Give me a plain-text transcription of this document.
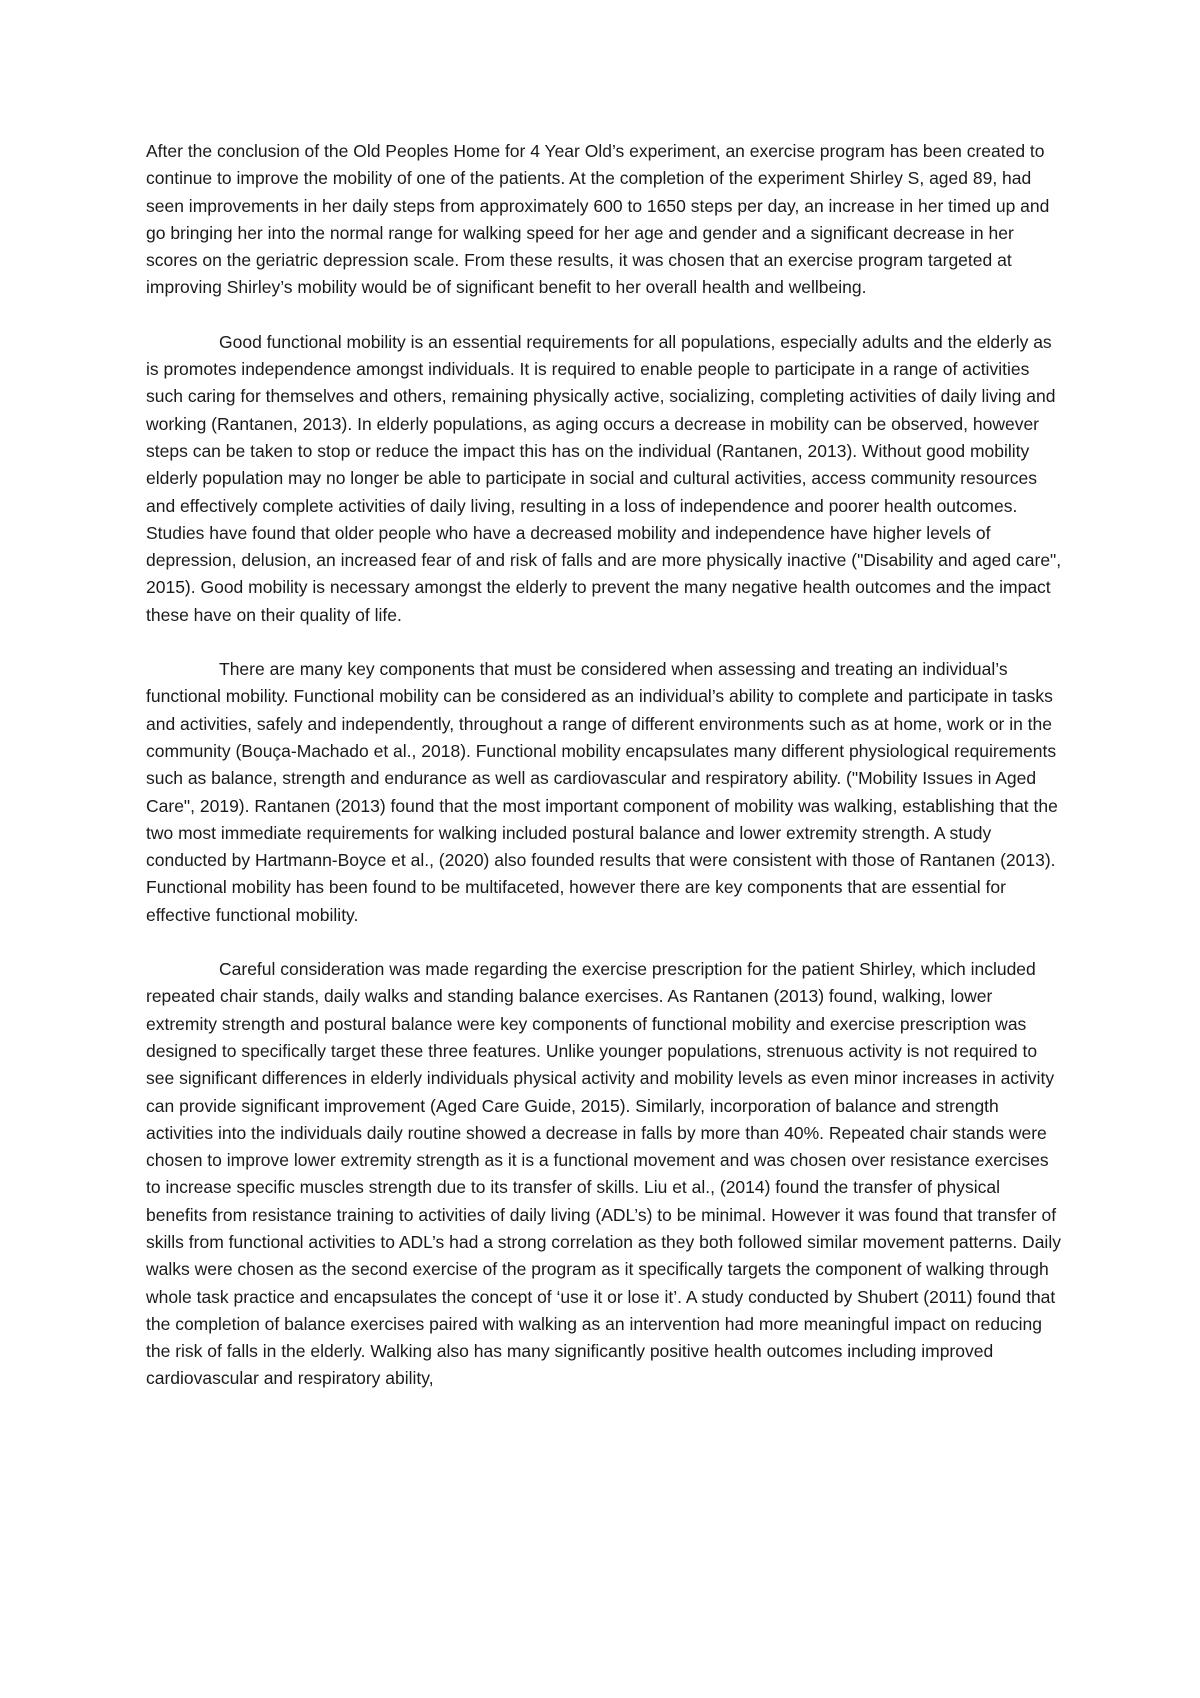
After the conclusion of the Old Peoples Home for 4 Year Old’s experiment, an exercise program has been created to continue to improve the mobility of one of the patients. At the completion of the experiment Shirley S, aged 89, had seen improvements in her daily steps from approximately 600 to 1650 steps per day, an increase in her timed up and go bringing her into the normal range for walking speed for her age and gender and a significant decrease in her scores on the geriatric depression scale. From these results, it was chosen that an exercise program targeted at improving Shirley’s mobility would be of significant benefit to her overall health and wellbeing.

Good functional mobility is an essential requirements for all populations, especially adults and the elderly as is promotes independence amongst individuals. It is required to enable people to participate in a range of activities such caring for themselves and others, remaining physically active, socializing, completing activities of daily living and working (Rantanen, 2013). In elderly populations, as aging occurs a decrease in mobility can be observed, however steps can be taken to stop or reduce the impact this has on the individual (Rantanen, 2013). Without good mobility elderly population may no longer be able to participate in social and cultural activities, access community resources and effectively complete activities of daily living, resulting in a loss of independence and poorer health outcomes. Studies have found that older people who have a decreased mobility and independence have higher levels of depression, delusion, an increased fear of and risk of falls and are more physically inactive ("Disability and aged care", 2015). Good mobility is necessary amongst the elderly to prevent the many negative health outcomes and the impact these have on their quality of life.

There are many key components that must be considered when assessing and treating an individual’s functional mobility. Functional mobility can be considered as an individual’s ability to complete and participate in tasks and activities, safely and independently, throughout a range of different environments such as at home, work or in the community (Bouça-Machado et al., 2018). Functional mobility encapsulates many different physiological requirements such as balance, strength and endurance as well as cardiovascular and respiratory ability. ("Mobility Issues in Aged Care", 2019). Rantanen (2013) found that the most important component of mobility was walking, establishing that the two most immediate requirements for walking included postural balance and lower extremity strength. A study conducted by Hartmann-Boyce et al., (2020) also founded results that were consistent with those of Rantanen (2013). Functional mobility has been found to be multifaceted, however there are key components that are essential for effective functional mobility.

Careful consideration was made regarding the exercise prescription for the patient Shirley, which included repeated chair stands, daily walks and standing balance exercises. As Rantanen (2013) found, walking, lower extremity strength and postural balance were key components of functional mobility and exercise prescription was designed to specifically target these three features. Unlike younger populations, strenuous activity is not required to see significant differences in elderly individuals physical activity and mobility levels as even minor increases in activity can provide significant improvement (Aged Care Guide, 2015). Similarly, incorporation of balance and strength activities into the individuals daily routine showed a decrease in falls by more than 40%. Repeated chair stands were chosen to improve lower extremity strength as it is a functional movement and was chosen over resistance exercises to increase specific muscles strength due to its transfer of skills. Liu et al., (2014) found the transfer of physical benefits from resistance training to activities of daily living (ADL’s) to be minimal. However it was found that transfer of skills from functional activities to ADL’s had a strong correlation as they both followed similar movement patterns. Daily walks were chosen as the second exercise of the program as it specifically targets the component of walking through whole task practice and encapsulates the concept of ‘use it or lose it’. A study conducted by Shubert (2011) found that the completion of balance exercises paired with walking as an intervention had more meaningful impact on reducing the risk of falls in the elderly. Walking also has many significantly positive health outcomes including improved cardiovascular and respiratory ability,
